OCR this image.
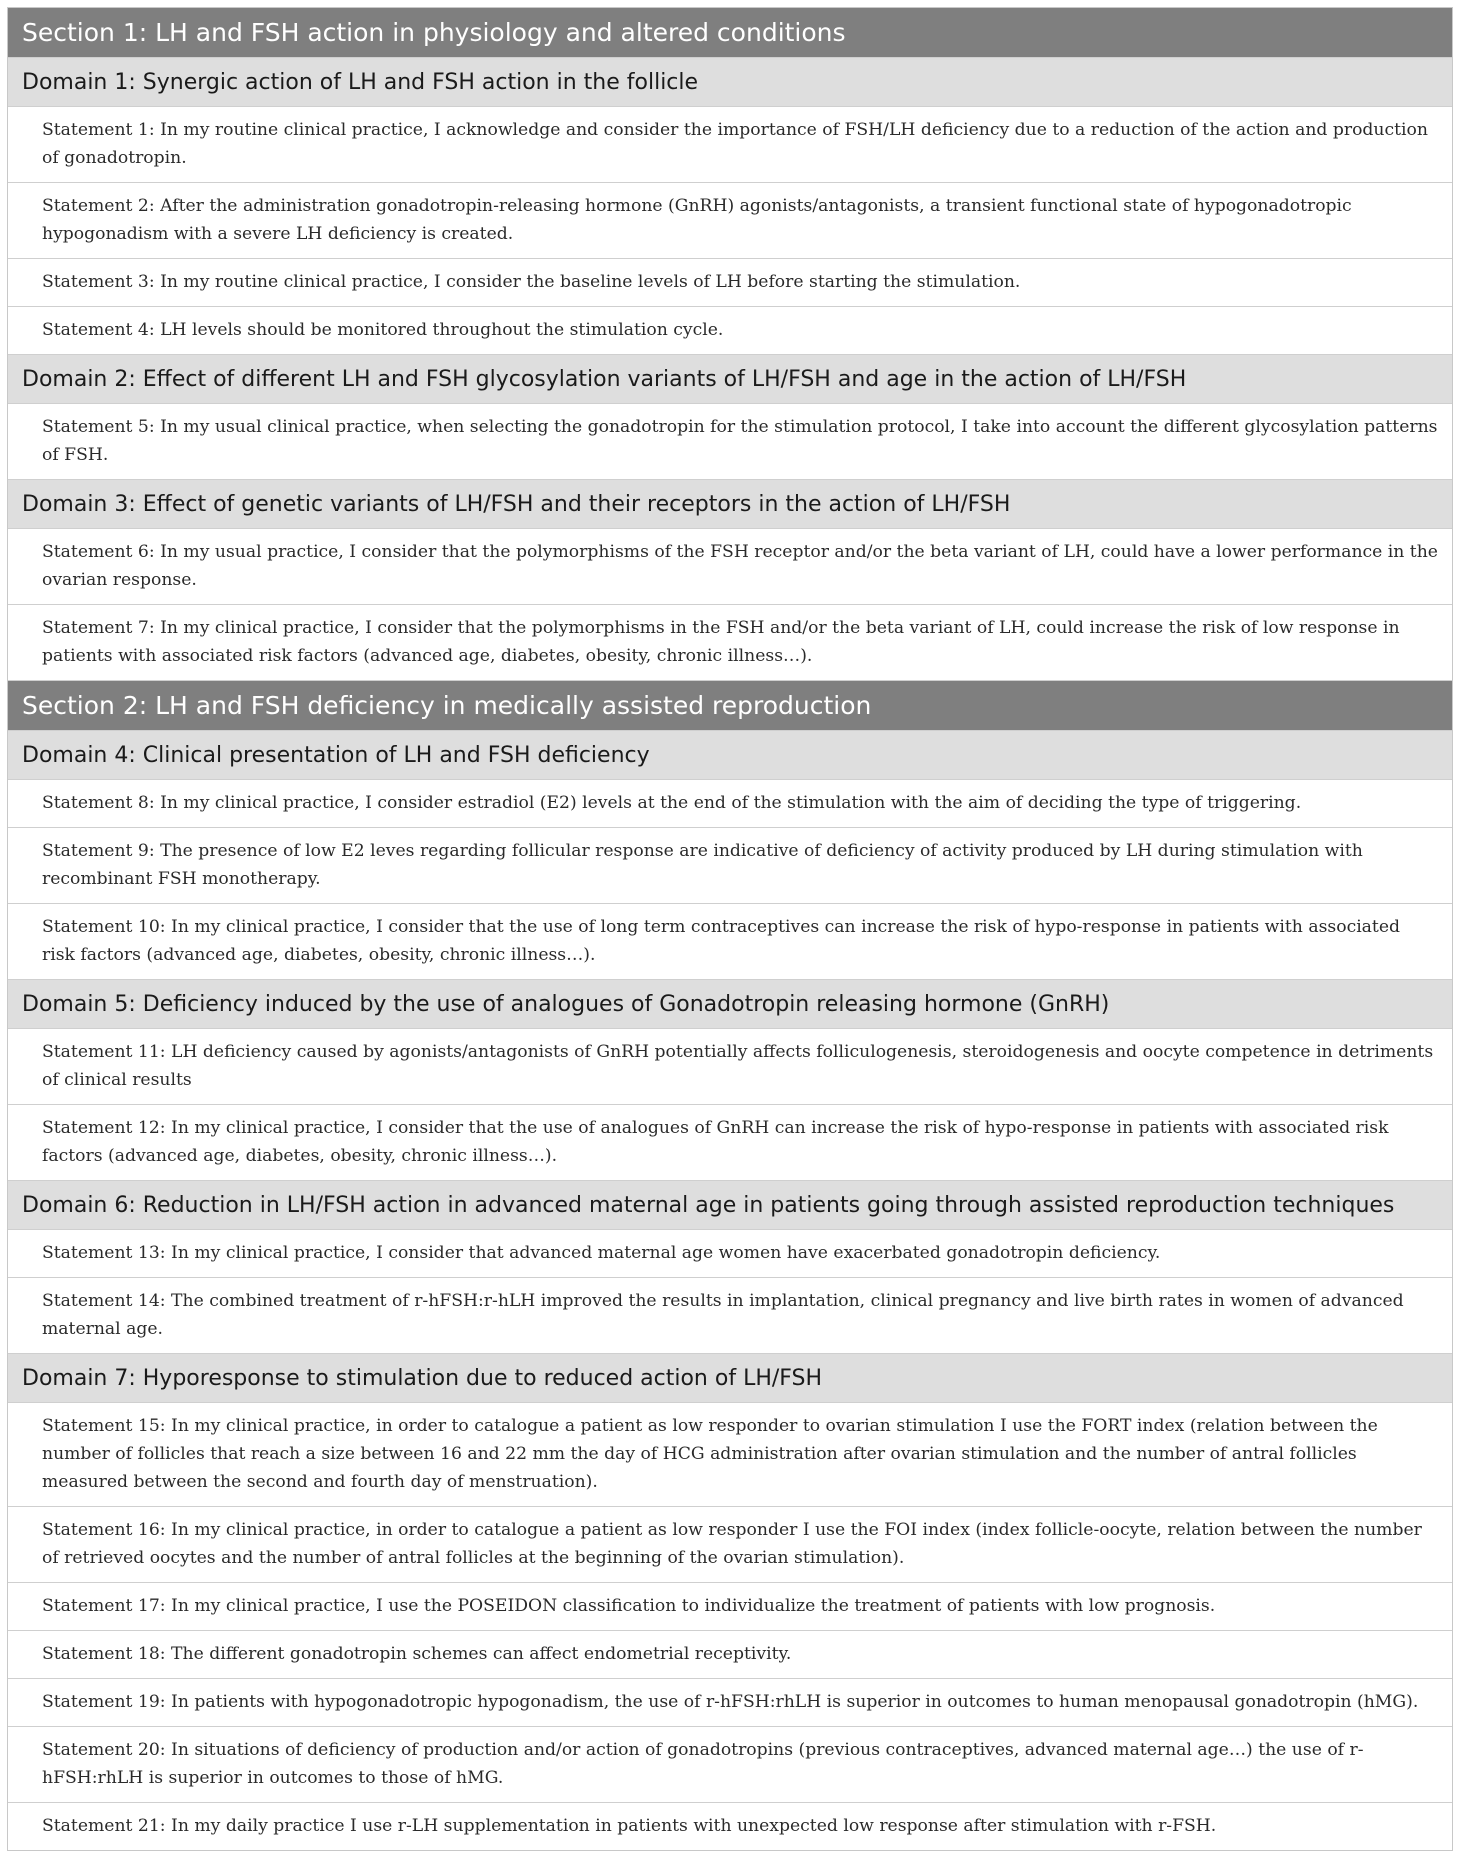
Section 1: LH and FSH action in physiology and altered conditions
Domain 1: Synergic action of LH and FSH action in the follicle
Statement 1: In my routine clinical practice, I acknowledge and consider the importance of FSH/LH deficiency due to a reduction of the action and production of gonadotropin.
Statement 2: After the administration gonadotropin-releasing hormone (GnRH) agonists/antagonists, a transient functional state of hypogonadotropic hypogonadism with a severe LH deficiency is created.
Statement 3: In my routine clinical practice, I consider the baseline levels of LH before starting the stimulation.
Statement 4: LH levels should be monitored throughout the stimulation cycle.
Domain 2: Effect of different LH and FSH glycosylation variants of LH/FSH and age in the action of LH/FSH
Statement 5: In my usual clinical practice, when selecting the gonadotropin for the stimulation protocol, I take into account the different glycosylation patterns of FSH.
Domain 3: Effect of genetic variants of LH/FSH and their receptors in the action of LH/FSH
Statement 6: In my usual practice, I consider that the polymorphisms of the FSH receptor and/or the beta variant of LH, could have a lower performance in the ovarian response.
Statement 7: In my clinical practice, I consider that the polymorphisms in the FSH and/or the beta variant of LH, could increase the risk of low response in patients with associated risk factors (advanced age, diabetes, obesity, chronic illness…).
Section 2: LH and FSH deficiency in medically assisted reproduction
Domain 4: Clinical presentation of LH and FSH deficiency
Statement 8: In my clinical practice, I consider estradiol (E2) levels at the end of the stimulation with the aim of deciding the type of triggering.
Statement 9: The presence of low E2 leves regarding follicular response are indicative of deficiency of activity produced by LH during stimulation with recombinant FSH monotherapy.
Statement 10: In my clinical practice, I consider that the use of long term contraceptives can increase the risk of hypo-response in patients with associated risk factors (advanced age, diabetes, obesity, chronic illness…).
Domain 5: Deficiency induced by the use of analogues of Gonadotropin releasing hormone (GnRH)
Statement 11: LH deficiency caused by agonists/antagonists of GnRH potentially affects folliculogenesis, steroidogenesis and oocyte competence in detriments of clinical results
Statement 12: In my clinical practice, I consider that the use of analogues of GnRH can increase the risk of hypo-response in patients with associated risk factors (advanced age, diabetes, obesity, chronic illness…).
Domain 6: Reduction in LH/FSH action in advanced maternal age in patients going through assisted reproduction techniques
Statement 13: In my clinical practice, I consider that advanced maternal age women have exacerbated gonadotropin deficiency.
Statement 14: The combined treatment of r-hFSH:r-hLH improved the results in implantation, clinical pregnancy and live birth rates in women of advanced maternal age.
Domain 7: Hyporesponse to stimulation due to reduced action of LH/FSH
Statement 15: In my clinical practice, in order to catalogue a patient as low responder to ovarian stimulation I use the FORT index (relation between the number of follicles that reach a size between 16 and 22 mm the day of HCG administration after ovarian stimulation and the number of antral follicles measured between the second and fourth day of menstruation).
Statement 16: In my clinical practice, in order to catalogue a patient as low responder I use the FOI index (index follicle-oocyte, relation between the number of retrieved oocytes and the number of antral follicles at the beginning of the ovarian stimulation).
Statement 17: In my clinical practice, I use the POSEIDON classification to individualize the treatment of patients with low prognosis.
Statement 18: The different gonadotropin schemes can affect endometrial receptivity.
Statement 19: In patients with hypogonadotropic hypogonadism, the use of r-hFSH:rhLH is superior in outcomes to human menopausal gonadotropin (hMG).
Statement 20: In situations of deficiency of production and/or action of gonadotropins (previous contraceptives, advanced maternal age…) the use of r-hFSH:rhLH is superior in outcomes to those of hMG.
Statement 21: In my daily practice I use r-LH supplementation in patients with unexpected low response after stimulation with r-FSH.
